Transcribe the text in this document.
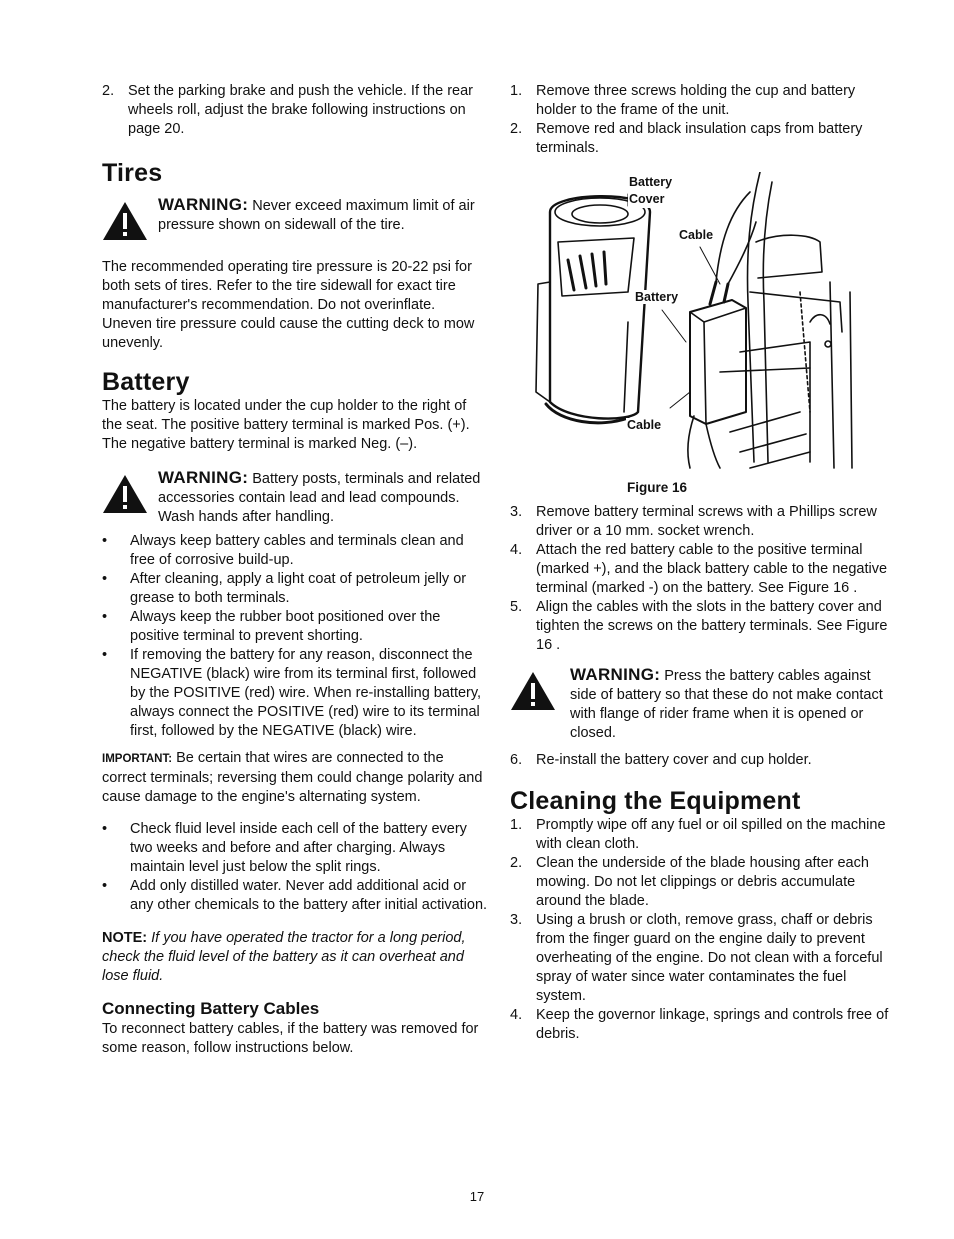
2. Set the parking brake and push the vehicle. If the rear wheels roll, adjust the brake following instructions on page 20.
Tires
WARNING: Never exceed maximum limit of air pressure shown on sidewall of the tire.

The recommended operating tire pressure is 20-22 psi for both sets of tires. Refer to the tire sidewall for exact tire manufacturer's recommendation. Do not overinflate. Uneven tire pressure could cause the cutting deck to mow unevenly.

Battery

The battery is located under the cup holder to the right of the seat. The positive battery terminal is marked Pos. (+). The negative battery terminal is marked Neg. (–).

WARNING: Battery posts, terminals and related accessories contain lead and lead compounds. Wash hands after handling.
• Always keep battery cables and terminals clean and free of corrosive build-up.
• After cleaning, apply a light coat of petroleum jelly or grease to both terminals.
• Always keep the rubber boot positioned over the positive terminal to prevent shorting.
• If removing the battery for any reason, disconnect the NEGATIVE (black) wire from its terminal first, followed by the POSITIVE (red) wire. When re-installing battery, always connect the POSITIVE (red) wire to its terminal first, followed by the NEGATIVE (black) wire.

IMPORTANT: Be certain that wires are connected to the correct terminals; reversing them could change polarity and cause damage to the engine's alternating system.

• Check fluid level inside each cell of the battery every two weeks and before and after charging. Always maintain level just below the split rings.
• Add only distilled water. Never add additional acid or any other chemicals to the battery after initial activation.

NOTE: If you have operated the tractor for a long period, check the fluid level of the battery as it can overheat and lose fluid.

Connecting Battery Cables

To reconnect battery cables, if the battery was removed for some reason, follow instructions below.

1. Remove three screws holding the cup and battery holder to the frame of the unit.
2. Remove red and black insulation caps from battery terminals.
Battery Cover
Cable
Battery
Cable
Figure 16
3. Remove battery terminal screws with a Phillips screw driver or a 10 mm. socket wrench.
4. Attach the red battery cable to the positive terminal (marked +), and the black battery cable to the negative terminal (marked -) on the battery. See Figure 16 .
5. Align the cables with the slots in the battery cover and tighten the screws on the battery terminals. See Figure 16 .
WARNING: Press the battery cables against side of battery so that these do not make contact with flange of rider frame when it is opened or closed.
6. Re-install the battery cover and cup holder.
Cleaning the Equipment
1. Promptly wipe off any fuel or oil spilled on the machine with clean cloth.
2. Clean the underside of the blade housing after each mowing. Do not let clippings or debris accumulate around the blade.
3. Using a brush or cloth, remove grass, chaff or debris from the finger guard on the engine daily to prevent overheating of the engine. Do not clean with a forceful spray of water since water contaminates the fuel system.
4. Keep the governor linkage, springs and controls free of debris.
17
